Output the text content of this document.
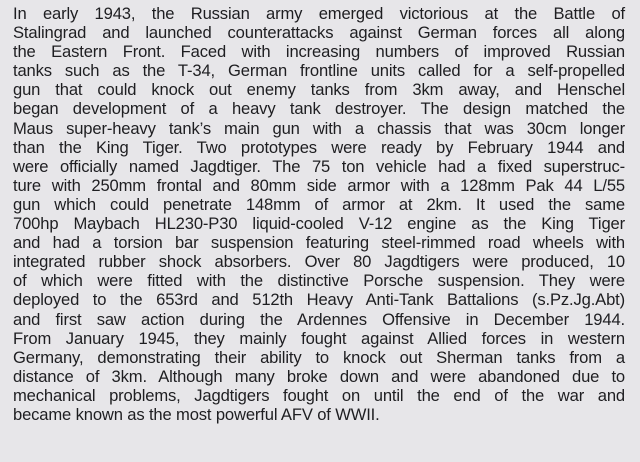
In early 1943, the Russian army emerged victorious at the Battle of
Stalingrad and launched counterattacks against German forces all along
the Eastern Front. Faced with increasing numbers of improved Russian
tanks such as the T-34, German frontline units called for a self-propelled
gun that could knock out enemy tanks from 3km away, and Henschel
began development of a heavy tank destroyer. The design matched the
Maus super-heavy tank’s main gun with a chassis that was 30cm longer
than the King Tiger. Two prototypes were ready by February 1944 and
were officially named Jagdtiger. The 75 ton vehicle had a fixed superstruc-
ture with 250mm frontal and 80mm side armor with a 128mm Pak 44 L/55
gun which could penetrate 148mm of armor at 2km. It used the same
700hp Maybach HL230-P30 liquid-cooled V-12 engine as the King Tiger
and had a torsion bar suspension featuring steel-rimmed road wheels with
integrated rubber shock absorbers. Over 80 Jagdtigers were produced, 10
of which were fitted with the distinctive Porsche suspension. They were
deployed to the 653rd and 512th Heavy Anti-Tank Battalions (s.Pz.Jg.Abt)
and first saw action during the Ardennes Offensive in December 1944.
From January 1945, they mainly fought against Allied forces in western
Germany, demonstrating their ability to knock out Sherman tanks from a
distance of 3km. Although many broke down and were abandoned due to
mechanical problems, Jagdtigers fought on until the end of the war and
became known as the most powerful AFV of WWII.
